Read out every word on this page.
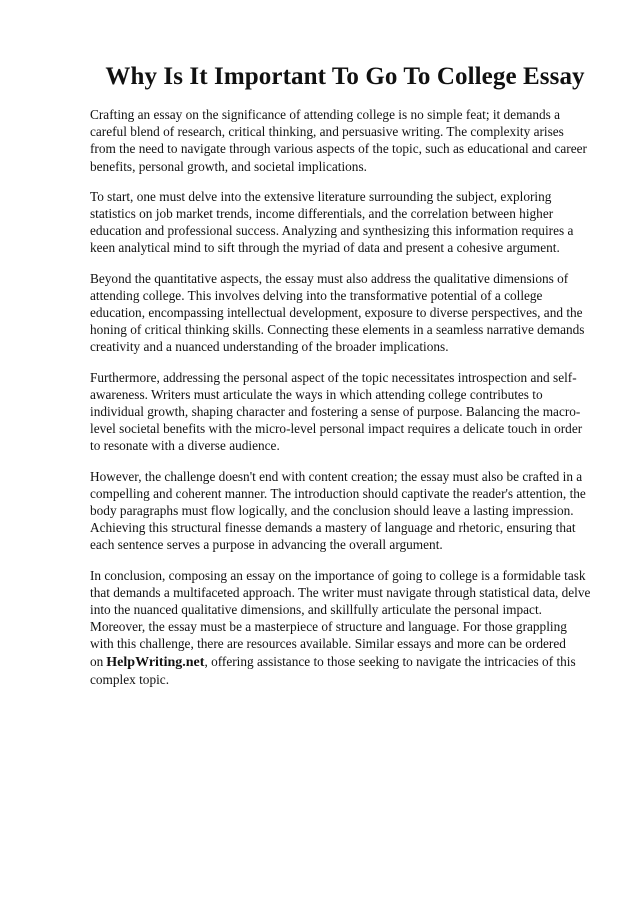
Why Is It Important To Go To College Essay

Crafting an essay on the significance of attending college is no simple feat; it demands a careful blend of research, critical thinking, and persuasive writing. The complexity arises from the need to navigate through various aspects of the topic, such as educational and career benefits, personal growth, and societal implications.

To start, one must delve into the extensive literature surrounding the subject, exploring statistics on job market trends, income differentials, and the correlation between higher education and professional success. Analyzing and synthesizing this information requires a keen analytical mind to sift through the myriad of data and present a cohesive argument.

Beyond the quantitative aspects, the essay must also address the qualitative dimensions of attending college. This involves delving into the transformative potential of a college education, encompassing intellectual development, exposure to diverse perspectives, and the honing of critical thinking skills. Connecting these elements in a seamless narrative demands creativity and a nuanced understanding of the broader implications.

Furthermore, addressing the personal aspect of the topic necessitates introspection and self-awareness. Writers must articulate the ways in which attending college contributes to individual growth, shaping character and fostering a sense of purpose. Balancing the macro-level societal benefits with the micro-level personal impact requires a delicate touch in order to resonate with a diverse audience.

However, the challenge doesn't end with content creation; the essay must also be crafted in a compelling and coherent manner. The introduction should captivate the reader's attention, the body paragraphs must flow logically, and the conclusion should leave a lasting impression. Achieving this structural finesse demands a mastery of language and rhetoric, ensuring that each sentence serves a purpose in advancing the overall argument.

In conclusion, composing an essay on the importance of going to college is a formidable task that demands a multifaceted approach. The writer must navigate through statistical data, delve into the nuanced qualitative dimensions, and skillfully articulate the personal impact. Moreover, the essay must be a masterpiece of structure and language. For those grappling with this challenge, there are resources available. Similar essays and more can be ordered on HelpWriting.net, offering assistance to those seeking to navigate the intricacies of this complex topic.
